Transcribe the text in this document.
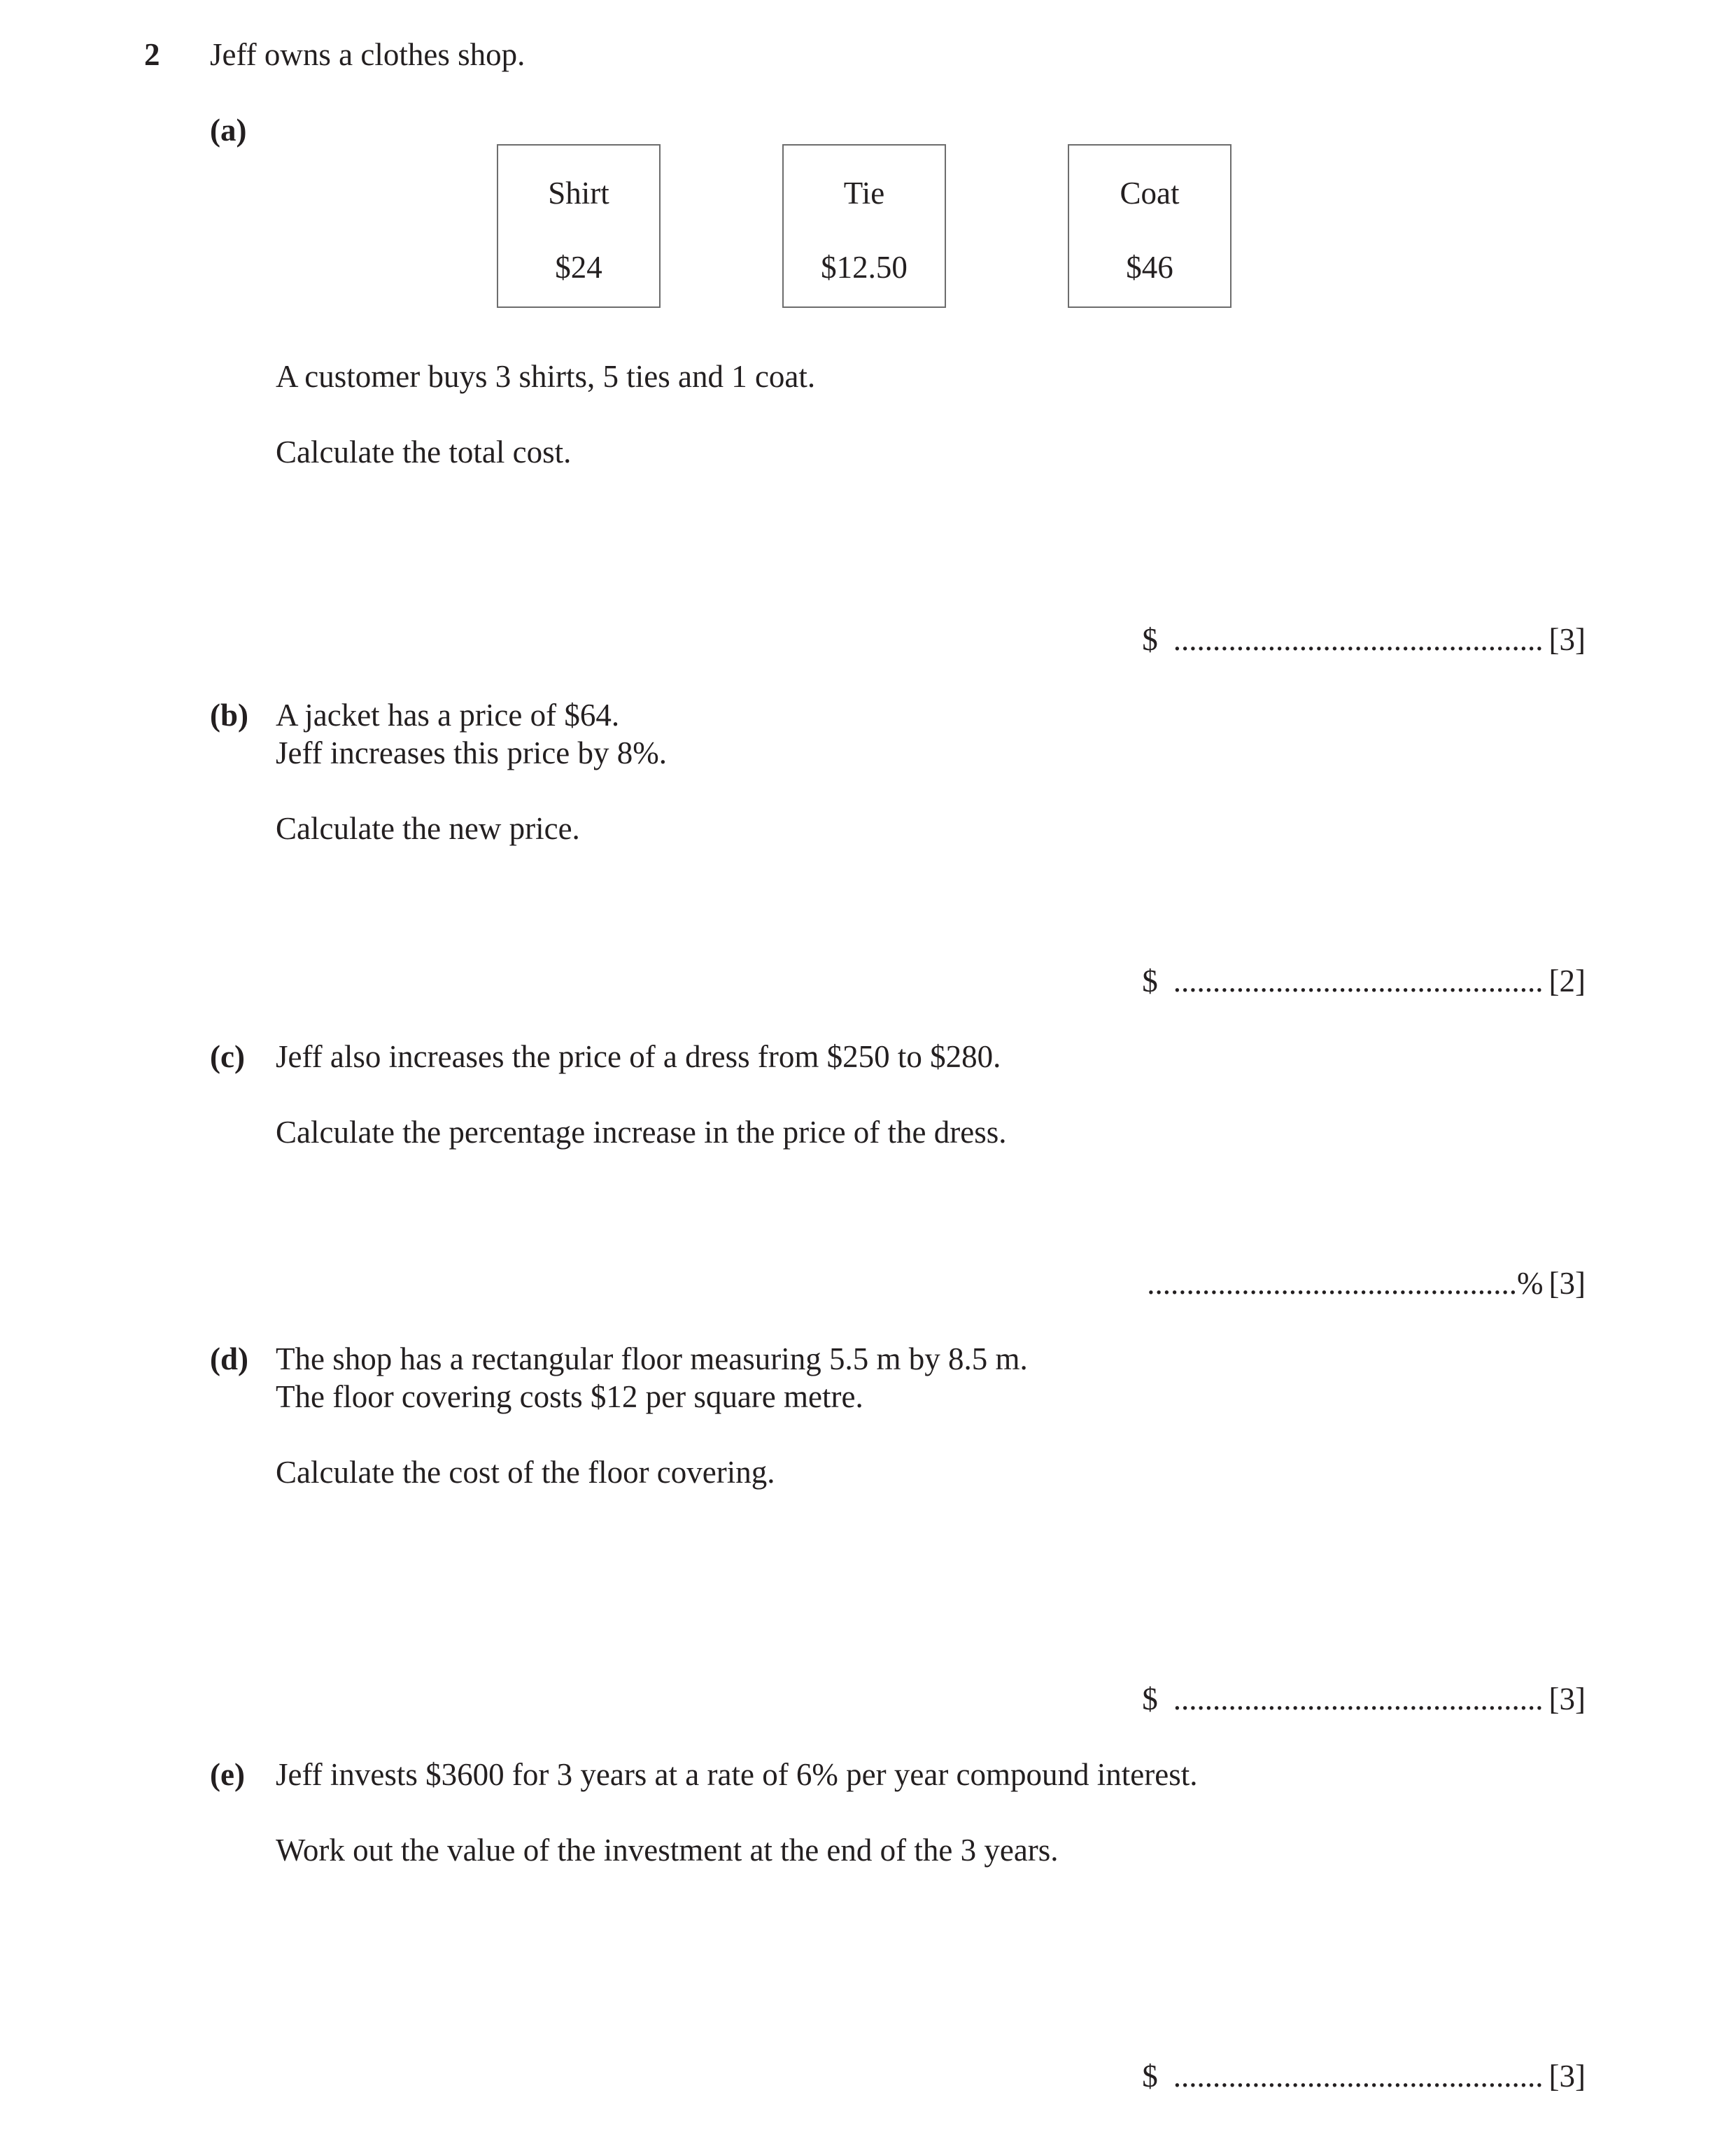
2 Jeff owns a clothes shop.
(a)
Shirt
$24
Tie
$12.50
Coat
$46
A customer buys 3 shirts, 5 ties and 1 coat.
Calculate the total cost.
$ ............................................... [3]
(b) A jacket has a price of $64.
Jeff increases this price by 8%.
Calculate the new price.
$ ............................................... [2]
(c) Jeff also increases the price of a dress from $250 to $280.
Calculate the percentage increase in the price of the dress.
...............................................% [3]
(d) The shop has a rectangular floor measuring 5.5 m by 8.5 m.
The floor covering costs $12 per square metre.
Calculate the cost of the floor covering.
$ ............................................... [3]
(e) Jeff invests $3600 for 3 years at a rate of 6% per year compound interest.
Work out the value of the investment at the end of the 3 years.
$ ............................................... [3]
